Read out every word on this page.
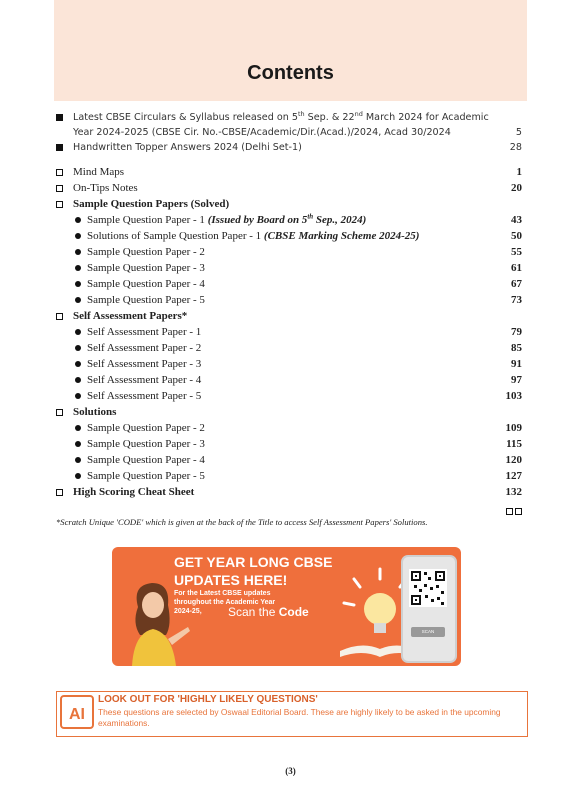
Contents
Latest CBSE Circulars & Syllabus released on 5th Sep. & 22nd March 2024 for Academic
Year 2024-2025 (CBSE Cir. No.-CBSE/Academic/Dir.(Acad.)/2024, Acad 30/2024	5
Handwritten Topper Answers 2024 (Delhi Set-1)	28
Mind Maps	1
On-Tips Notes	20
Sample Question Papers (Solved)
Sample Question Paper - 1 (Issued by Board on 5th Sep., 2024)	43
Solutions of Sample Question Paper - 1 (CBSE Marking Scheme 2024-25)	50
Sample Question Paper - 2	55
Sample Question Paper - 3	61
Sample Question Paper - 4	67
Sample Question Paper - 5	73
Self Assessment Papers*
Self Assessment Paper - 1	79
Self Assessment Paper - 2	85
Self Assessment Paper - 3	91
Self Assessment Paper - 4	97
Self Assessment Paper - 5	103
Solutions
Sample Question Paper - 2	109
Sample Question Paper - 3	115
Sample Question Paper - 4	120
Sample Question Paper - 5	127
High Scoring Cheat Sheet	132
*Scratch Unique 'CODE' which is given at the back of the Title to access Self Assessment Papers' Solutions.
GET YEAR LONG CBSE
UPDATES HERE!
For the Latest CBSE updates
throughout the Academic Year
2024-25,	Scan the Code
SCAN
AI
LOOK OUT FOR 'HIGHLY LIKELY QUESTIONS'
These questions are selected by Oswaal Editorial Board. These are highly likely to be asked in the upcoming examinations.
(3)
